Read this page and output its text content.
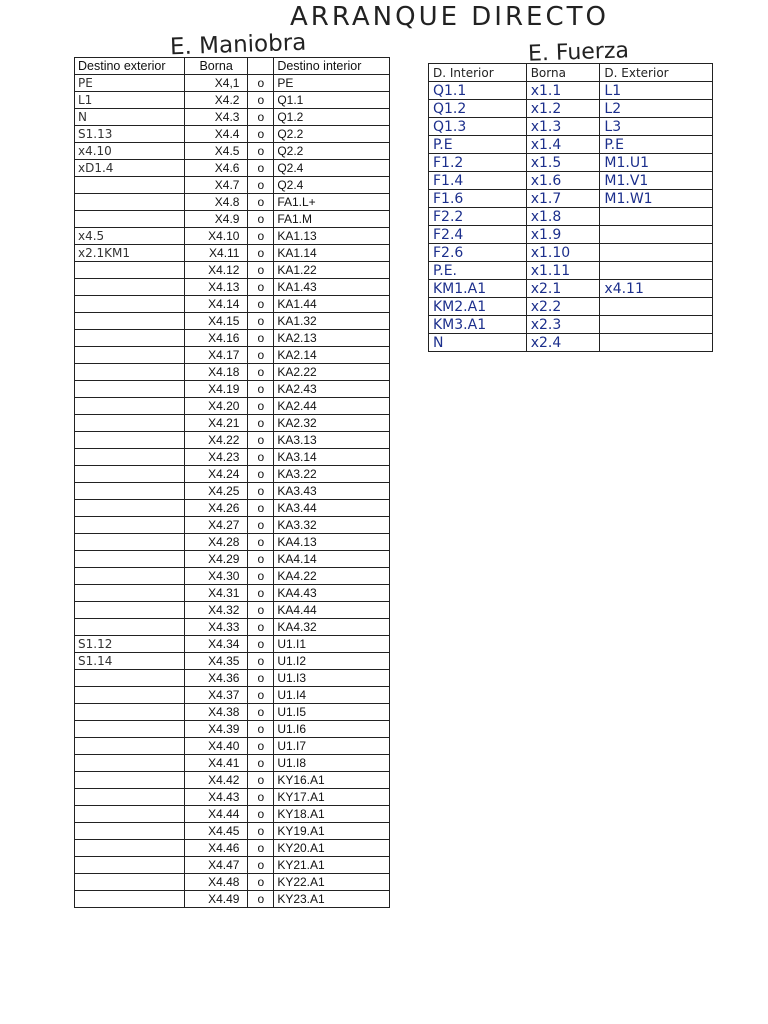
ARRANQUE DIRECTO
E. Maniobra	E. Fuerza
Destino exterior	Borna		Destino interior
PE	X4,1	o	PE
L1	X4.2	o	Q1.1
N	X4.3	o	Q1.2
S1.13	X4.4	o	Q2.2
x4.10	X4.5	o	Q2.2
xD1.4	X4.6	o	Q2.4
	X4.7	o	Q2.4
	X4.8	o	FA1.L+
	X4.9	o	FA1.M
x4.5	X4.10	o	KA1.13
x2.1KM1	X4.11	o	KA1.14
	X4.12	o	KA1.22
	X4.13	o	KA1.43
	X4.14	o	KA1.44
	X4.15	o	KA1.32
	X4.16	o	KA2.13
	X4.17	o	KA2.14
	X4.18	o	KA2.22
	X4.19	o	KA2.43
	X4.20	o	KA2.44
	X4.21	o	KA2.32
	X4.22	o	KA3.13
	X4.23	o	KA3.14
	X4.24	o	KA3.22
	X4.25	o	KA3.43
	X4.26	o	KA3.44
	X4.27	o	KA3.32
	X4.28	o	KA4.13
	X4.29	o	KA4.14
	X4.30	o	KA4.22
	X4.31	o	KA4.43
	X4.32	o	KA4.44
	X4.33	o	KA4.32
S1.12	X4.34	o	U1.I1
S1.14	X4.35	o	U1.I2
	X4.36	o	U1.I3
	X4.37	o	U1.I4
	X4.38	o	U1.I5
	X4.39	o	U1.I6
	X4.40	o	U1.I7
	X4.41	o	U1.I8
	X4.42	o	KY16.A1
	X4.43	o	KY17.A1
	X4.44	o	KY18.A1
	X4.45	o	KY19.A1
	X4.46	o	KY20.A1
	X4.47	o	KY21.A1
	X4.48	o	KY22.A1
	X4.49	o	KY23.A1
D. Interior	Borna	D. Exterior
Q1.1	x1.1	L1
Q1.2	x1.2	L2
Q1.3	x1.3	L3
P.E	x1.4	P.E
F1.2	x1.5	M1.U1
F1.4	x1.6	M1.V1
F1.6	x1.7	M1.W1
F2.2	x1.8	
F2.4	x1.9	
F2.6	x1.10	
P.E.	x1.11	
KM1.A1	x2.1	x4.11
KM2.A1	x2.2	
KM3.A1	x2.3	
N	x2.4	
